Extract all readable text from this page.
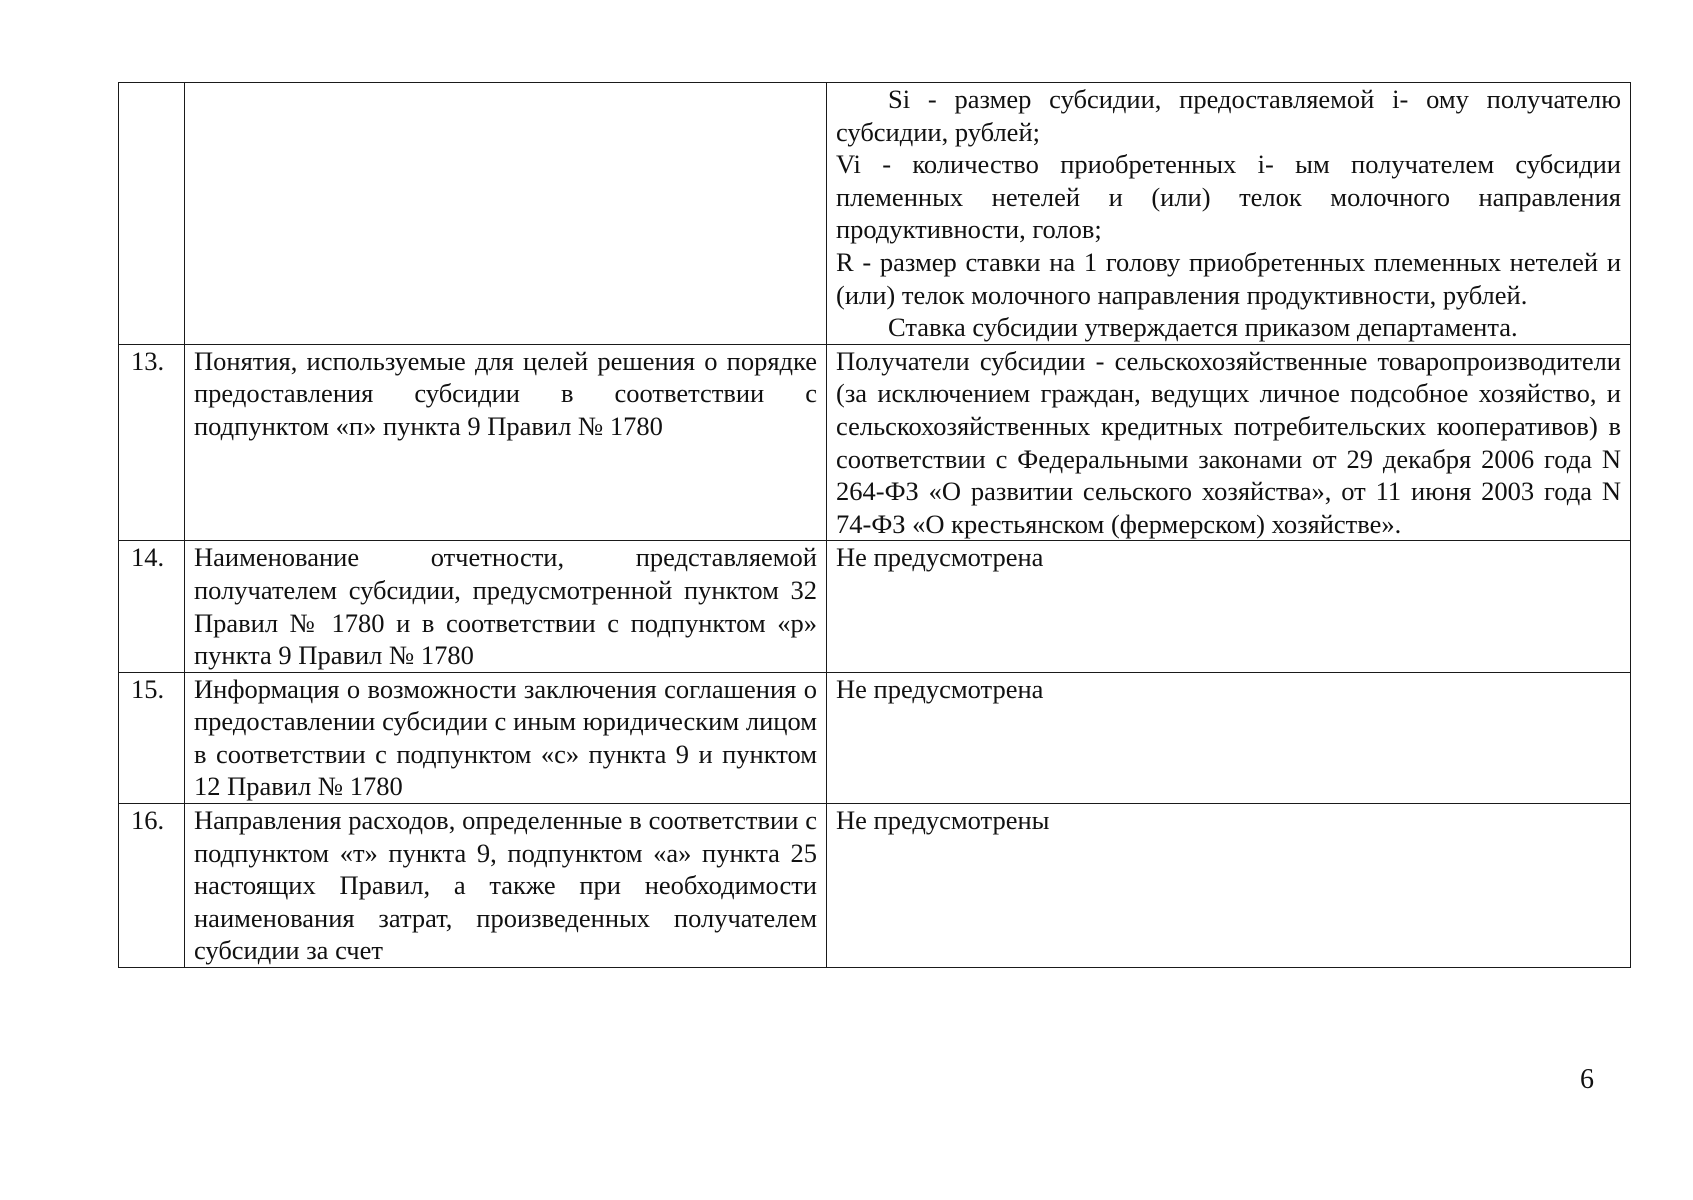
		Si - размер субсидии, предоставляемой i- ому получателю субсидии, рублей;

Vi - количество приобретенных i- ым получателем субсидии племенных нетелей и (или) телок молочного направления продуктивности, голов;

R - размер ставки на 1 голову приобретенных племенных нетелей и (или) телок молочного направления продуктивности, рублей.

Ставка субсидии утверждается приказом департамента.

13.	Понятия, используемые для целей решения о порядке предоставления субсидии в соответствии с подпунктом «п» пункта 9 Правил № 1780	Получатели субсидии - сельскохозяйственные товаропроизводители (за исключением граждан, ведущих личное подсобное хозяйство, и сельскохозяйственных кредитных потребительских кооперативов) в соответствии с Федеральными законами от 29 декабря 2006 года N 264-ФЗ «О развитии сельского хозяйства», от 11 июня 2003 года N 74-ФЗ «О крестьянском (фермерском) хозяйстве».

14.	Наименование отчетности, представляемой получателем субсидии, предусмотренной пунктом 32 Правил № 1780 и в соответствии с подпунктом «р» пункта 9 Правил № 1780	Не предусмотрена

15.	Информация о возможности заключения соглашения о предоставлении субсидии с иным юридическим лицом в соответствии с подпунктом «с» пункта 9 и пунктом 12 Правил № 1780	Не предусмотрена

16.	Направления расходов, определенные в соответствии с подпунктом «т» пункта 9, подпунктом «а» пункта 25 настоящих Правил, а также при необходимости наименования затрат, произведенных получателем субсидии за счет	Не предусмотрены

6
